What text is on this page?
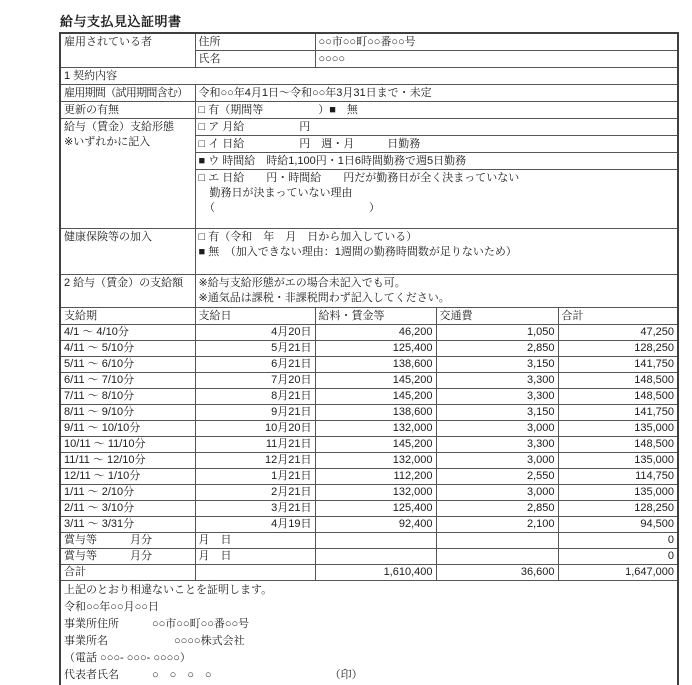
給与支払見込証明書
雇用されている者	住所	○○市○○町○○番○○号		
	氏名	○○○○		
1 契約内容				
雇用期間（試用期間含む）	令和○○年4月1日～令和○○年3月31日まで・未定			
更新の有無	□ 有（期間等　　　　　）■　無			

給与（賃金）支給形態
※いずれかに記入	□ ア 月給　　　　　円			
	□ イ 日給　　　　　円　週・月　　　日勤務			
	■ ウ 時間給　時給1,100円・1日6時間勤務で週5日勤務			

	□ エ 日給　　円・時間給　　円だが勤務日が全く決まっていない
　勤務日が決まっていない理由
　（　　　　　　　　　　　　　　）			

健康保険等の加入	□ 有（令和　年　月　日から加入している）
■ 無　（加入できない理由：1週間の勤務時間数が足りないため）			

2 給与（賃金）の支給額	※給与支給形態がエの場合未記入でも可。
※通気品は課税・非課税問わず記入してください。			

支給期	支給日	給料・賃金等	交通費	合計
4/1 ～ 4/10分	4月20日	46,200	1,050	47,250
4/11 ～ 5/10分	5月21日	125,400	2,850	128,250
5/11 ～ 6/10分	6月21日	138,600	3,150	141,750
6/11 ～ 7/10分	7月20日	145,200	3,300	148,500
7/11 ～ 8/10分	8月21日	145,200	3,300	148,500
8/11 ～ 9/10分	9月21日	138,600	3,150	141,750
9/11 ～ 10/10分	10月20日	132,000	3,000	135,000
10/11 ～ 11/10分	11月21日	145,200	3,300	148,500
11/11 ～ 12/10分	12月21日	132,000	3,000	135,000
12/11 ～ 1/10分	1月21日	112,200	2,550	114,750
1/11 ～ 2/10分	2月21日	132,000	3,000	135,000
2/11 ～ 3/10分	3月21日	125,400	2,850	128,250
3/11 ～ 3/31分	4月19日	92,400	2,100	94,500
賞与等　　　月分	月　日			0
賞与等　　　月分	月　日			0
合計		1,610,400	36,600	1,647,000

上記のとおり相違ないことを証明します。
令和○○年○○月○○日
事業所住所　　　○○市○○町○○番○○号
事業所名　　　　　　○○○○株式会社
（電話 ○○○- ○○○- ○○○○）
代表者氏名　　　○　○　○　○	（印）
